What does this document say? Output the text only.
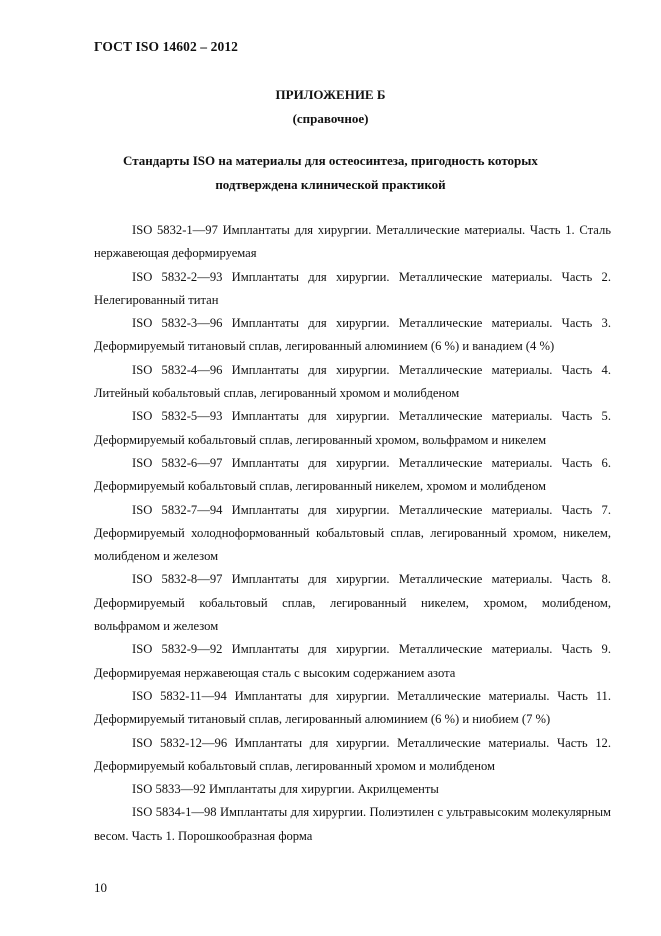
ГОСТ ISO 14602 – 2012
ПРИЛОЖЕНИЕ Б
(справочное)
Стандарты ISO на материалы для остеосинтеза, пригодность которых
подтверждена клинической практикой

ISO 5832-1—97 Имплантаты для хирургии. Металлические материалы. Часть 1. Сталь нержавеющая деформируемая

ISO 5832-2—93 Имплантаты для хирургии. Металлические материалы. Часть 2. Нелегированный титан

ISO 5832-3—96 Имплантаты для хирургии. Металлические материалы. Часть 3. Деформируемый титановый сплав, легированный алюминием (6 %) и ванадием (4 %)

ISO 5832-4—96 Имплантаты для хирургии. Металлические материалы. Часть 4. Литейный кобальтовый сплав, легированный хромом и молибденом

ISO 5832-5—93 Имплантаты для хирургии. Металлические материалы. Часть 5. Деформируемый кобальтовый сплав, легированный хромом, вольфрамом и никелем

ISO 5832-6—97 Имплантаты для хирургии. Металлические материалы. Часть 6. Деформируемый кобальтовый сплав, легированный никелем, хромом и молибденом

ISO 5832-7—94 Имплантаты для хирургии. Металлические материалы. Часть 7. Деформируемый холоднoформованный кобальтовый сплав, легированный хромом, никелем, молибденом и железом

ISO 5832-8—97 Имплантаты для хирургии. Металлические материалы. Часть 8. Деформируемый кобальтовый сплав, легированный никелем, хромом, молибденом, вольфрамом и железом

ISO 5832-9—92 Имплантаты для хирургии. Металлические материалы. Часть 9. Деформируемая нержавеющая сталь с высоким содержанием азота

ISO 5832-11—94 Имплантаты для хирургии. Металлические материалы. Часть 11. Деформируемый титановый сплав, легированный алюминием (6 %) и ниобием (7 %)

ISO 5832-12—96 Имплантаты для хирургии. Металлические материалы. Часть 12. Деформируемый кобальтовый сплав, легированный хромом и молибденом

ISO 5833—92 Имплантаты для хирургии. Акрилцементы

ISO 5834-1—98 Имплантаты для хирургии. Полиэтилен с ультравысоким молекулярным весом. Часть 1. Порошкообразная форма

10
